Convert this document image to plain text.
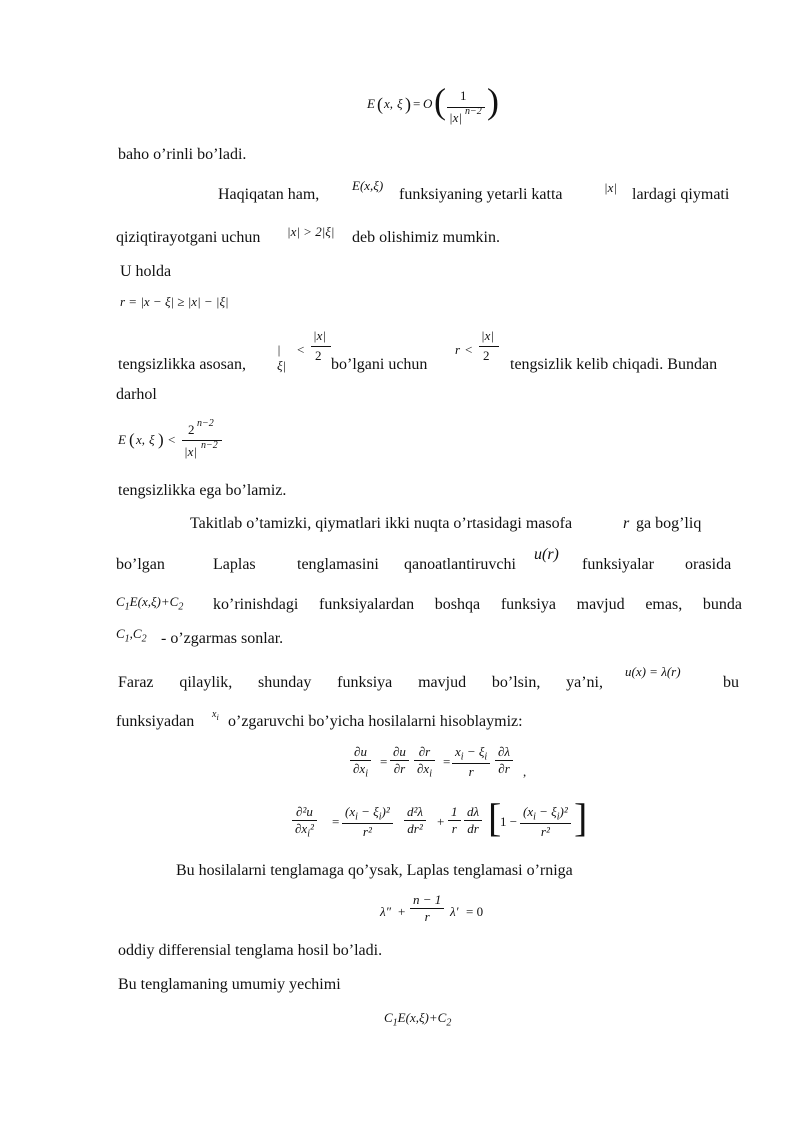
E ( x, ξ ) = O ( 1
|x| n−2 )
baho o’rinli bo’ladi.
Haqiqatan ham,
E(x,ξ)
funksiyaning yetarli katta	|x| lardagi qiymati
qiziqtirayotgani uchun |x| > 2|ξ| deb olishimiz mumkin.
U holda
r = |x − ξ| ≥ |x| − |ξ|
tengsizlikka asosan,
|ξ|
<
|x|
2
bo’lgani uchun
r <
|x|
2
tengsizlik kelib chiqadi. Bundan
darhol
E ( x, ξ ) <
2 n−2
|x| n−2
tengsizlikka ega bo’lamiz.
Takitlab o’tamizki, qiymatlari ikki nuqta o’rtasidagi masofa	r ga bog’liq
bo’lgan	Laplas	tenglamasini qanoatlantiruvchi
u(r)
funksiyalar orasida
$C_1E(x,\xi)+C_2$ ko’rinishdagi funksiyalardan boshqa funksiya mavjud emas, bunda
$C_1,C_2$ - o’zgarmas sonlar.
Faraz qilaylik, shunday funksiya mavjud bo’lsin, ya’ni,
u(x) = λ(r)
bu
funksiyadan $x_i$ o’zgaruvchi bo’yicha hosilalarni hisoblaymiz:
$\frac{\partial u}{\partial x_i} = \frac{\partial u}{\partial r} \frac{\partial r}{\partial x_i} = \frac{x_i - \xi_i}{r} \frac{\partial\lambda}{\partial r}$ ,
$\frac{\text{∂²u}}{\partial x_i^2} = \frac{(x_i - \xi_i)^2}{\text{r²}} \frac{\text{d²λ}}{\text{dr²}} + \frac{1}{r} \frac{d\lambda}{dr}$ [
$1 - \frac{(x_i - \xi_i)^2}{\text{r²}}$ ]
Bu hosilalarni tenglamaga qo’ysak, Laplas tenglamasi o’rniga
$\lambda'' + \frac{n - 1}{r} \lambda' = 0$
oddiy differensial tenglama hosil bo’ladi.
Bu tenglamaning umumiy yechimi
$C_1E(x,\xi)+C_2$
